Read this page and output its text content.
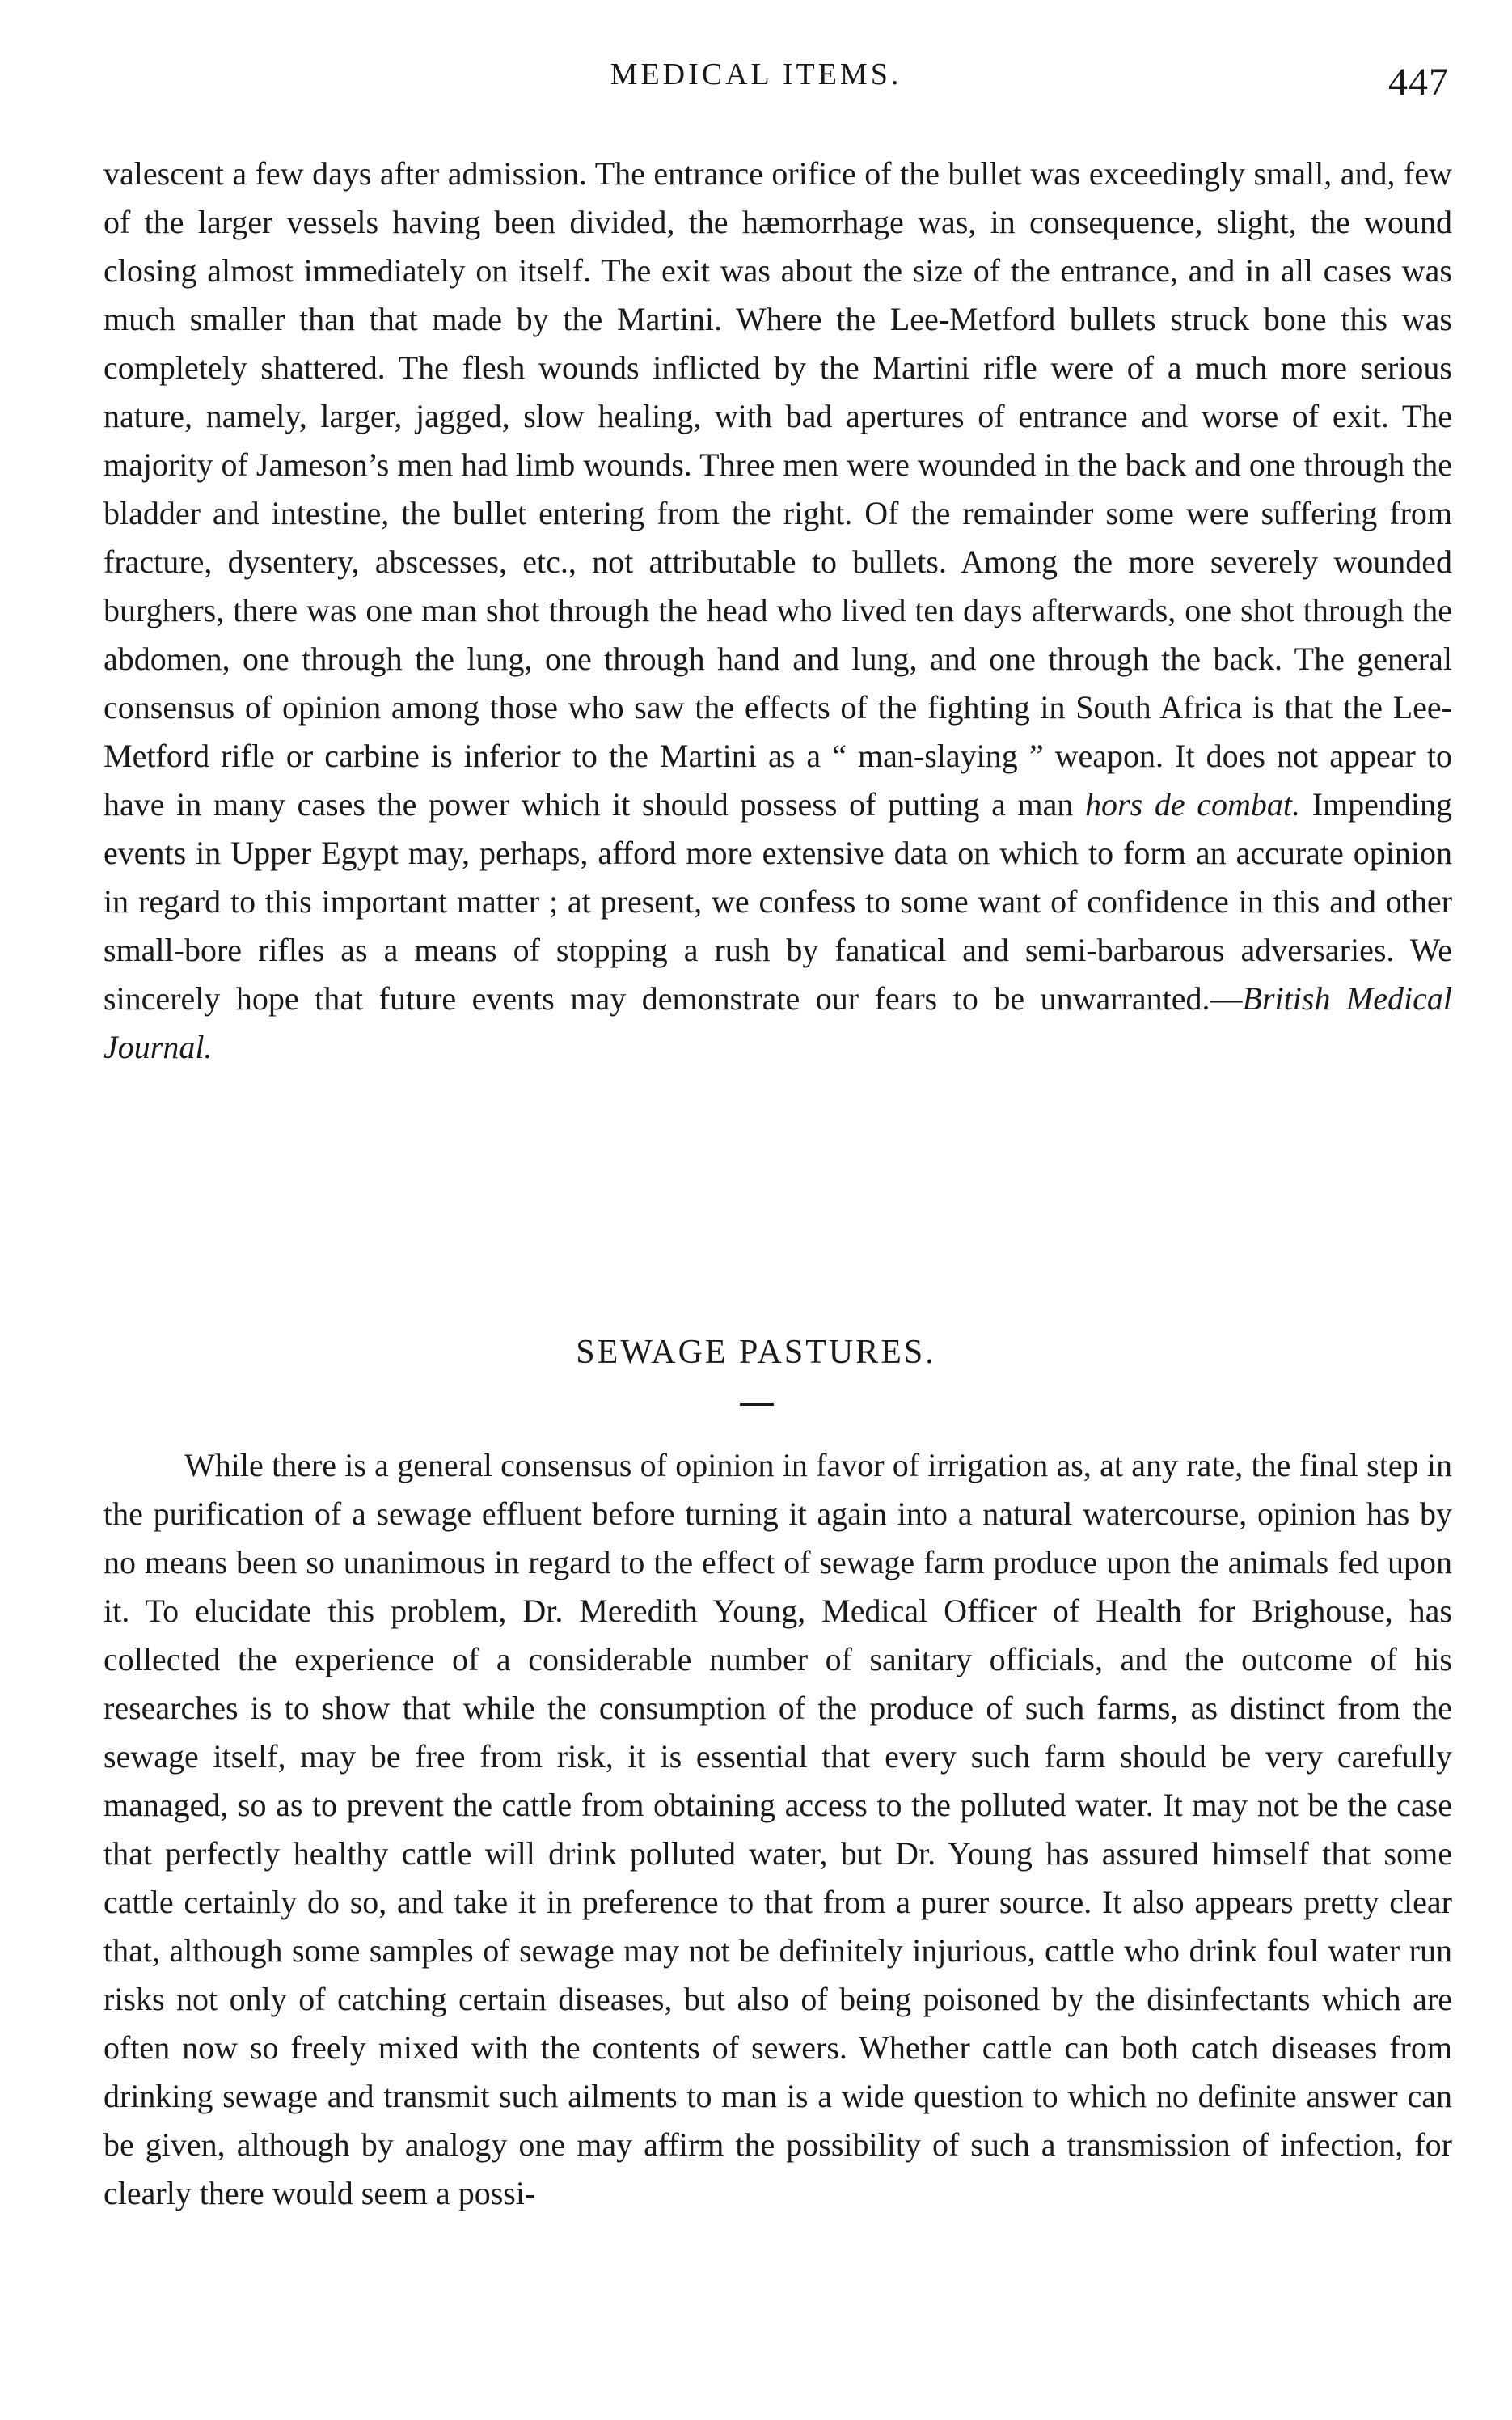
MEDICAL ITEMS.	447

valescent a few days after admission. The entrance orifice of the bullet was exceedingly small, and, few of the larger vessels having been divided, the hæmorrhage was, in consequence, slight, the wound closing almost immediately on itself. The exit was about the size of the entrance, and in all cases was much smaller than that made by the Martini. Where the Lee-Metford bullets struck bone this was completely shattered. The flesh wounds inflicted by the Martini rifle were of a much more serious nature, namely, larger, jagged, slow healing, with bad apertures of entrance and worse of exit. The majority of Jameson’s men had limb wounds. Three men were wounded in the back and one through the bladder and intestine, the bullet entering from the right. Of the remainder some were suffering from fracture, dysentery, abscesses, etc., not attributable to bullets. Among the more severely wounded burghers, there was one man shot through the head who lived ten days afterwards, one shot through the abdomen, one through the lung, one through hand and lung, and one through the back. The general consensus of opinion among those who saw the effects of the fighting in South Africa is that the Lee-Metford rifle or carbine is inferior to the Martini as a “ man-slaying ” weapon. It does not appear to have in many cases the power which it should possess of putting a man hors de combat. Impending events in Upper Egypt may, perhaps, afford more extensive data on which to form an accurate opinion in regard to this important matter ; at present, we confess to some want of confidence in this and other small-bore rifles as a means of stopping a rush by fanatical and semi-barbarous adversaries. We sincerely hope that future events may demonstrate our fears to be unwarranted.—British Medical Journal.

SEWAGE PASTURES.

While there is a general consensus of opinion in favor of irrigation as, at any rate, the final step in the purification of a sewage effluent before turning it again into a natural watercourse, opinion has by no means been so unanimous in regard to the effect of sewage farm produce upon the animals fed upon it. To elucidate this problem, Dr. Meredith Young, Medical Officer of Health for Brighouse, has collected the experience of a considerable number of sanitary officials, and the outcome of his researches is to show that while the consumption of the produce of such farms, as distinct from the sewage itself, may be free from risk, it is essential that every such farm should be very carefully managed, so as to prevent the cattle from obtaining access to the polluted water. It may not be the case that perfectly healthy cattle will drink polluted water, but Dr. Young has assured himself that some cattle certainly do so, and take it in preference to that from a purer source. It also appears pretty clear that, although some samples of sewage may not be definitely injurious, cattle who drink foul water run risks not only of catching certain diseases, but also of being poisoned by the disinfectants which are often now so freely mixed with the contents of sewers. Whether cattle can both catch diseases from drinking sewage and transmit such ailments to man is a wide question to which no definite answer can be given, although by analogy one may affirm the possibility of such a transmission of infection, for clearly there would seem a possi-
